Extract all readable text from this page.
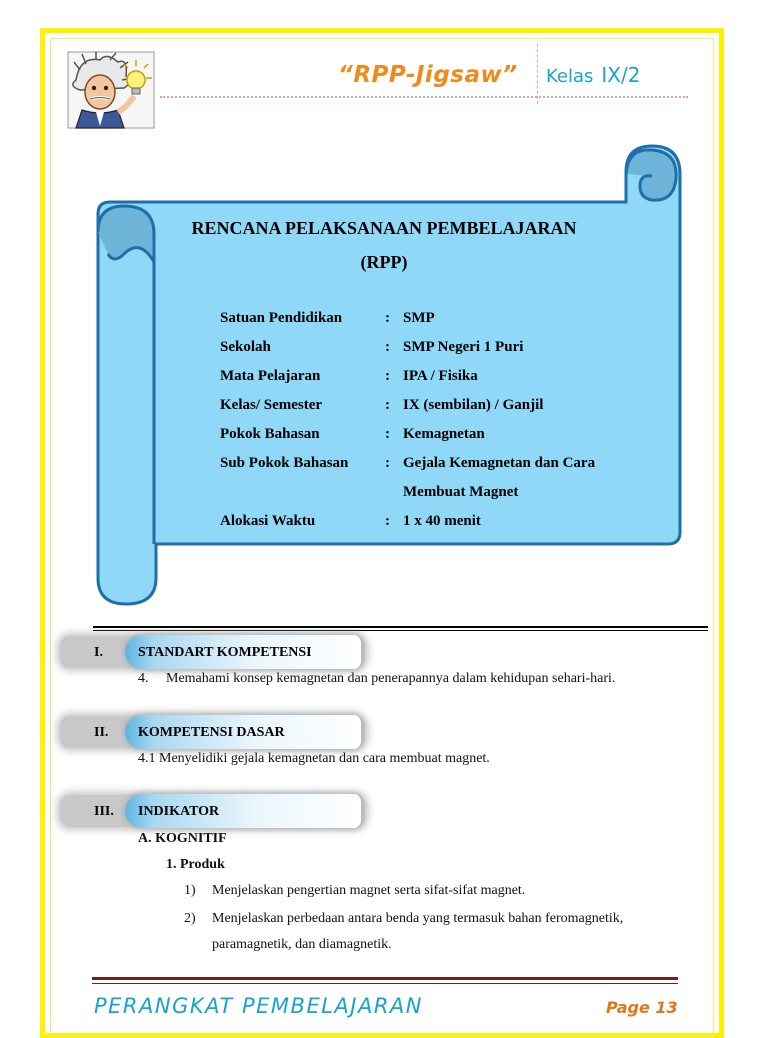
“RPP-Jigsaw” Kelas IX/2
RENCANA PELAKSANAAN PEMBELAJARAN
(RPP)
Satuan Pendidikan	: SMP
Sekolah	: SMP Negeri 1 Puri
Mata Pelajaran	: IPA / Fisika
Kelas/ Semester	: IX (sembilan) / Ganjil
Pokok Bahasan	: Kemagnetan
Sub Pokok Bahasan	: Gejala Kemagnetan dan Cara
Membuat Magnet
Alokasi Waktu	: 1 x 40 menit
I.	STANDART KOMPETENSI
4. Memahami konsep kemagnetan dan penerapannya dalam kehidupan sehari-hari.
II. KOMPETENSI DASAR
4.1 Menyelidiki gejala kemagnetan dan cara membuat magnet.
III. INDIKATOR
A. KOGNITIF
1. Produk
1) Menjelaskan pengertian magnet serta sifat-sifat magnet.
2) Menjelaskan perbedaan antara benda yang termasuk bahan feromagnetik,
paramagnetik, dan diamagnetik.
PERANGKAT PEMBELAJARAN	Page 13
